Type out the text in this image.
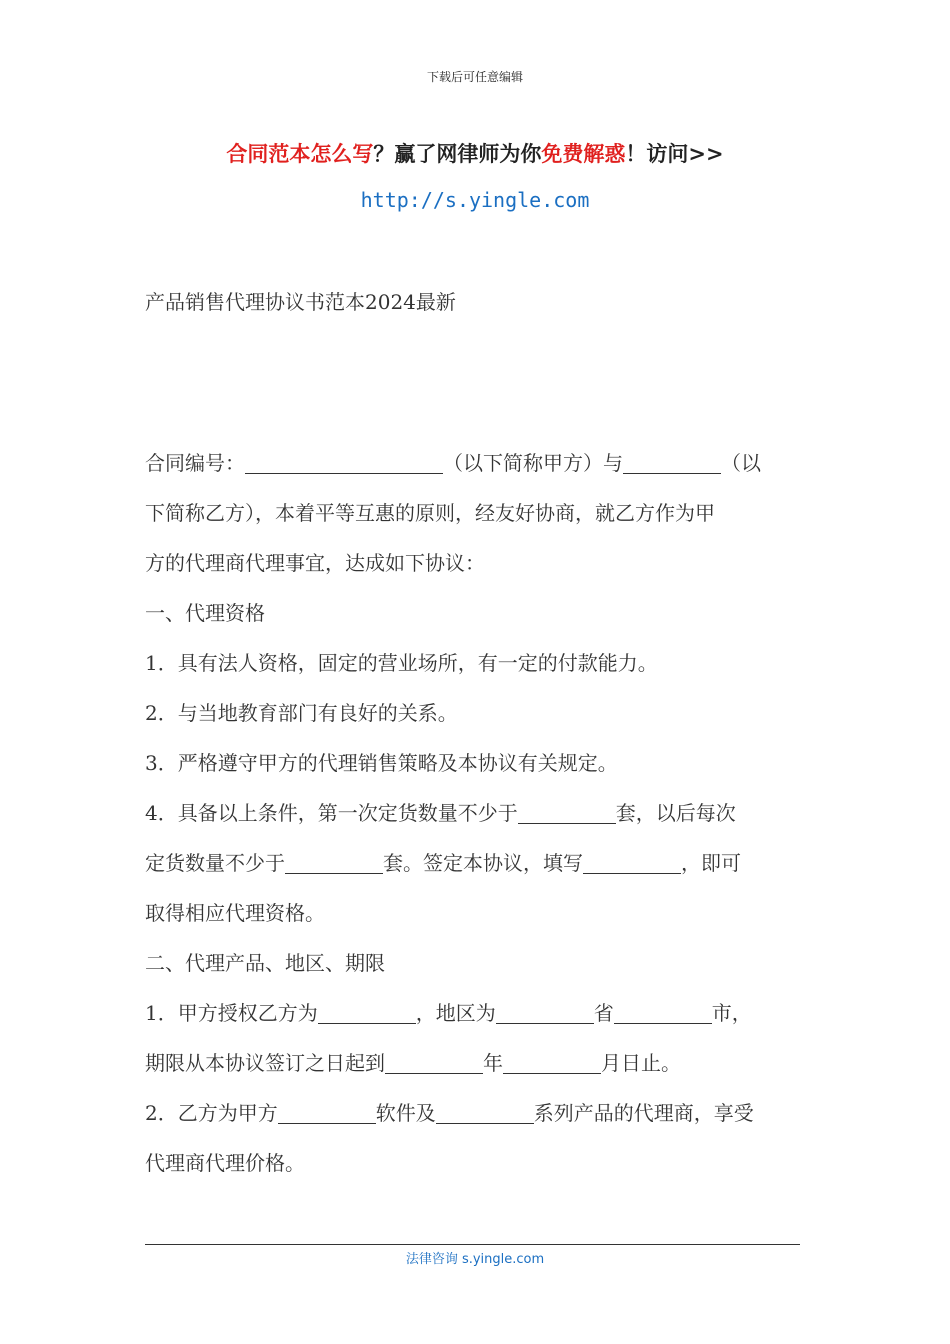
下载后可任意编辑
合同范本怎么写？赢了网律师为你免费解惑！访问>>
http://s.yingle.com
产品销售代理协议书范本2024最新

合同编号：	（以下简称甲方）与	（以

下简称乙方），本着平等互惠的原则，经友好协商，就乙方作为甲

方的代理商代理事宜，达成如下协议：

一、代理资格

1．具有法人资格，固定的营业场所，有一定的付款能力。

2．与当地教育部门有良好的关系。

3．严格遵守甲方的代理销售策略及本协议有关规定。

4．具备以上条件，第一次定货数量不少于	套，以后每次

定货数量不少于	套。签定本协议，填写	，即可

取得相应代理资格。

二、代理产品、地区、期限

1．甲方授权乙方为	，地区为	省	市，

期限从本协议签订之日起到	年	月日止。

2．乙方为甲方	软件及	系列产品的代理商，享受

代理商代理价格。

法律咨询 s.yingle.com
